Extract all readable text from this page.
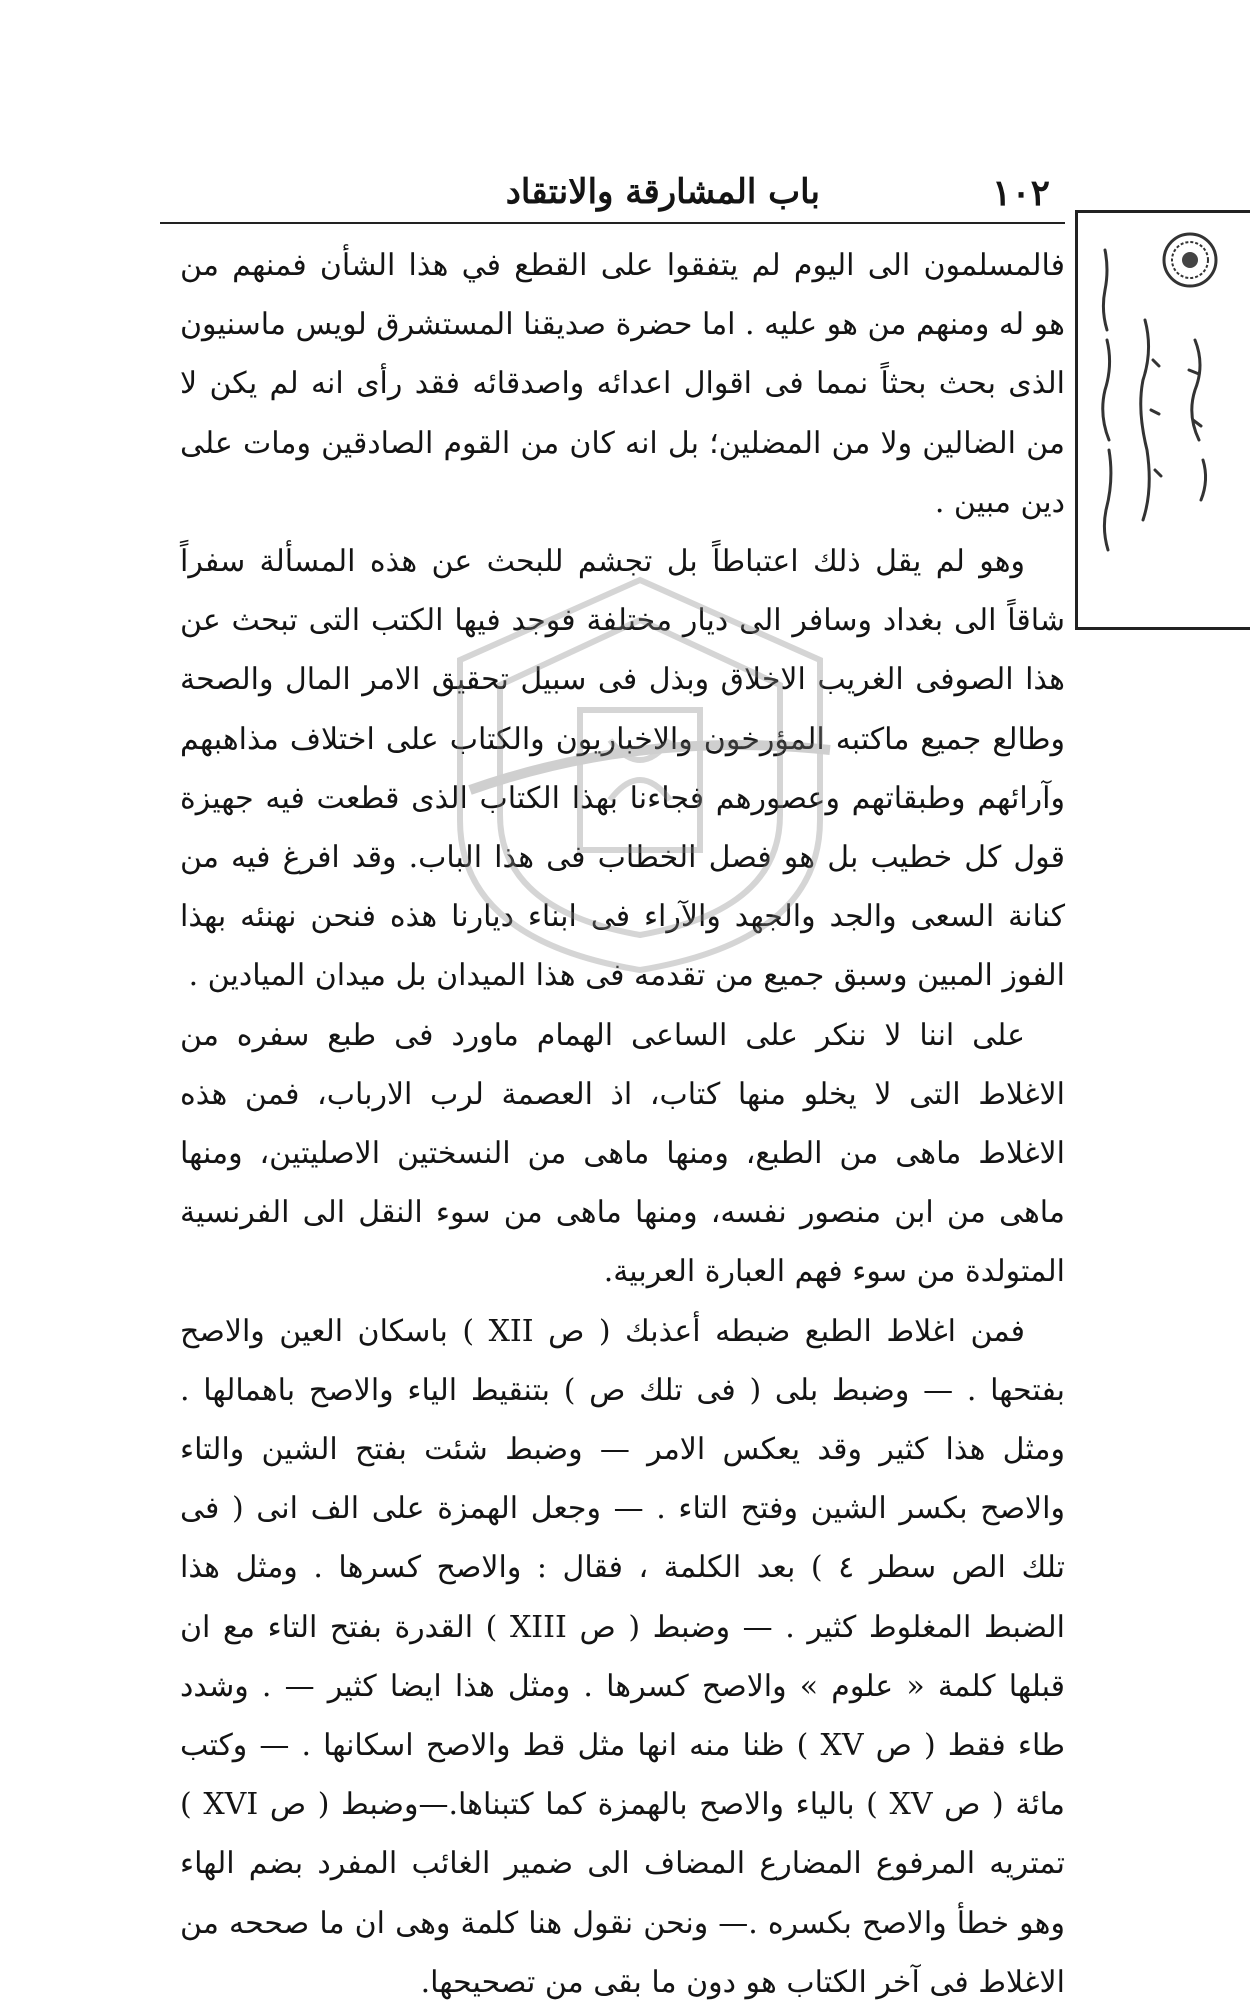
١٠٢
باب المشارقة والانتقاد

فالمسلمون الى اليوم لم يتفقوا على القطع في هذا الشأن فمنهم من هو له ومنهم من هو عليه . اما حضرة صديقنا المستشرق لويس ماسنيون الذى بحث بحثاً نمما فى اقوال اعدائه واصدقائه فقد رأى انه لم يكن لا من الضالين ولا من المضلين؛ بل انه كان من القوم الصادقين ومات على دين مبين .

وهو لم يقل ذلك اعتباطاً بل تجشم للبحث عن هذه المسألة سفراً شاقاً الى بغداد وسافر الى ديار مختلفة فوجد فيها الكتب التى تبحث عن هذا الصوفى الغريب الاخلاق وبذل فى سبيل تحقيق الامر المال والصحة وطالع جميع ماكتبه المؤرخون والاخباريون والكتاب على اختلاف مذاهبهم وآرائهم وطبقاتهم وعصورهم فجاءنا بهذا الكتاب الذى قطعت فيه جهيزة قول كل خطيب بل هو فصل الخطاب فى هذا الباب. وقد افرغ فيه من كنانة السعى والجد والجهد والآراء فى ابناء ديارنا هذه فنحن نهنئه بهذا الفوز المبين وسبق جميع من تقدمه فى هذا الميدان بل ميدان الميادين .

على اننا لا ننكر على الساعى الهمام ماورد فى طبع سفره من الاغلاط التى لا يخلو منها كتاب، اذ العصمة لرب الارباب، فمن هذه الاغلاط ماهى من الطبع، ومنها ماهى من النسختين الاصليتين، ومنها ماهى من ابن منصور نفسه، ومنها ماهى من سوء النقل الى الفرنسية المتولدة من سوء فهم العبارة العربية.

فمن اغلاط الطبع ضبطه أعذبك ( ص XII ) باسكان العين والاصح بفتحها . — وضبط بلى ( فى تلك ص ) بتنقيط الياء والاصح باهمالها . ومثل هذا كثير وقد يعكس الامر — وضبط شئت بفتح الشين والتاء والاصح بكسر الشين وفتح التاء . — وجعل الهمزة على الف انى ( فى تلك الص سطر ٤ ) بعد الكلمة ، فقال : والاصح كسرها . ومثل هذا الضبط المغلوط كثير . — وضبط ( ص XIII ) القدرة بفتح التاء مع ان قبلها كلمة « علوم » والاصح كسرها . ومثل هذا ايضا كثير — . وشدد طاء فقط ( ص XV ) ظنا منه انها مثل قط والاصح اسكانها . — وكتب مائة ( ص XV ) بالياء والاصح بالهمزة كما كتبناها.—وضبط ( ص XVI ) تمتريه المرفوع المضارع المضاف الى ضمير الغائب المفرد بضم الهاء وهو خطأ والاصح بكسره .— ونحن نقول هنا كلمة وهى ان ما صححه من الاغلاط فى آخر الكتاب هو دون ما بقى من تصحيحها.
